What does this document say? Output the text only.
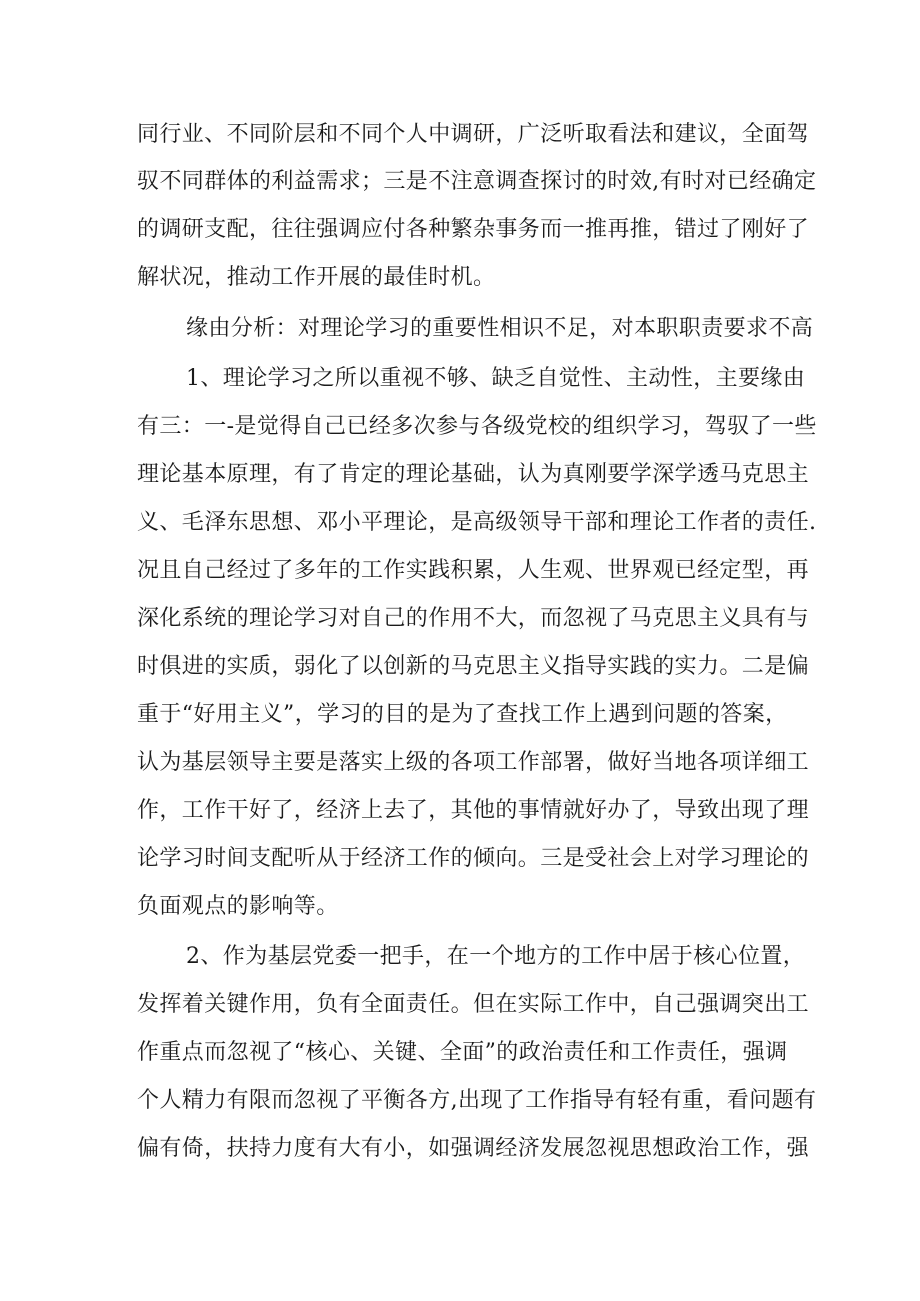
同行业、不同阶层和不同个人中调研，广泛听取看法和建议，全面驾
驭不同群体的利益需求；三是不注意调查探讨的时效,有时对已经确定
的调研支配，往往强调应付各种繁杂事务而一推再推，错过了刚好了
解状况，推动工作开展的最佳时机。
缘由分析：对理论学习的重要性相识不足，对本职职责要求不高
1、理论学习之所以重视不够、缺乏自觉性、主动性，主要缘由
有三：一-是觉得自己已经多次参与各级党校的组织学习，驾驭了一些
理论基本原理，有了肯定的理论基础，认为真刚要学深学透马克思主
义、毛泽东思想、邓小平理论，是高级领导干部和理论工作者的责任.
况且自己经过了多年的工作实践积累，人生观、世界观已经定型，再
深化系统的理论学习对自己的作用不大，而忽视了马克思主义具有与
时俱进的实质，弱化了以创新的马克思主义指导实践的实力。二是偏
重于“好用主义”，学习的目的是为了查找工作上遇到问题的答案，
认为基层领导主要是落实上级的各项工作部署，做好当地各项详细工
作，工作干好了，经济上去了，其他的事情就好办了，导致出现了理
论学习时间支配听从于经济工作的倾向。三是受社会上对学习理论的
负面观点的影响等。
2、作为基层党委一把手，在一个地方的工作中居于核心位置，
发挥着关键作用，负有全面责任。但在实际工作中，自己强调突出工
作重点而忽视了“核心、关键、全面”的政治责任和工作责任，强调
个人精力有限而忽视了平衡各方,出现了工作指导有轻有重，看问题有
偏有倚，扶持力度有大有小，如强调经济发展忽视思想政治工作，强
